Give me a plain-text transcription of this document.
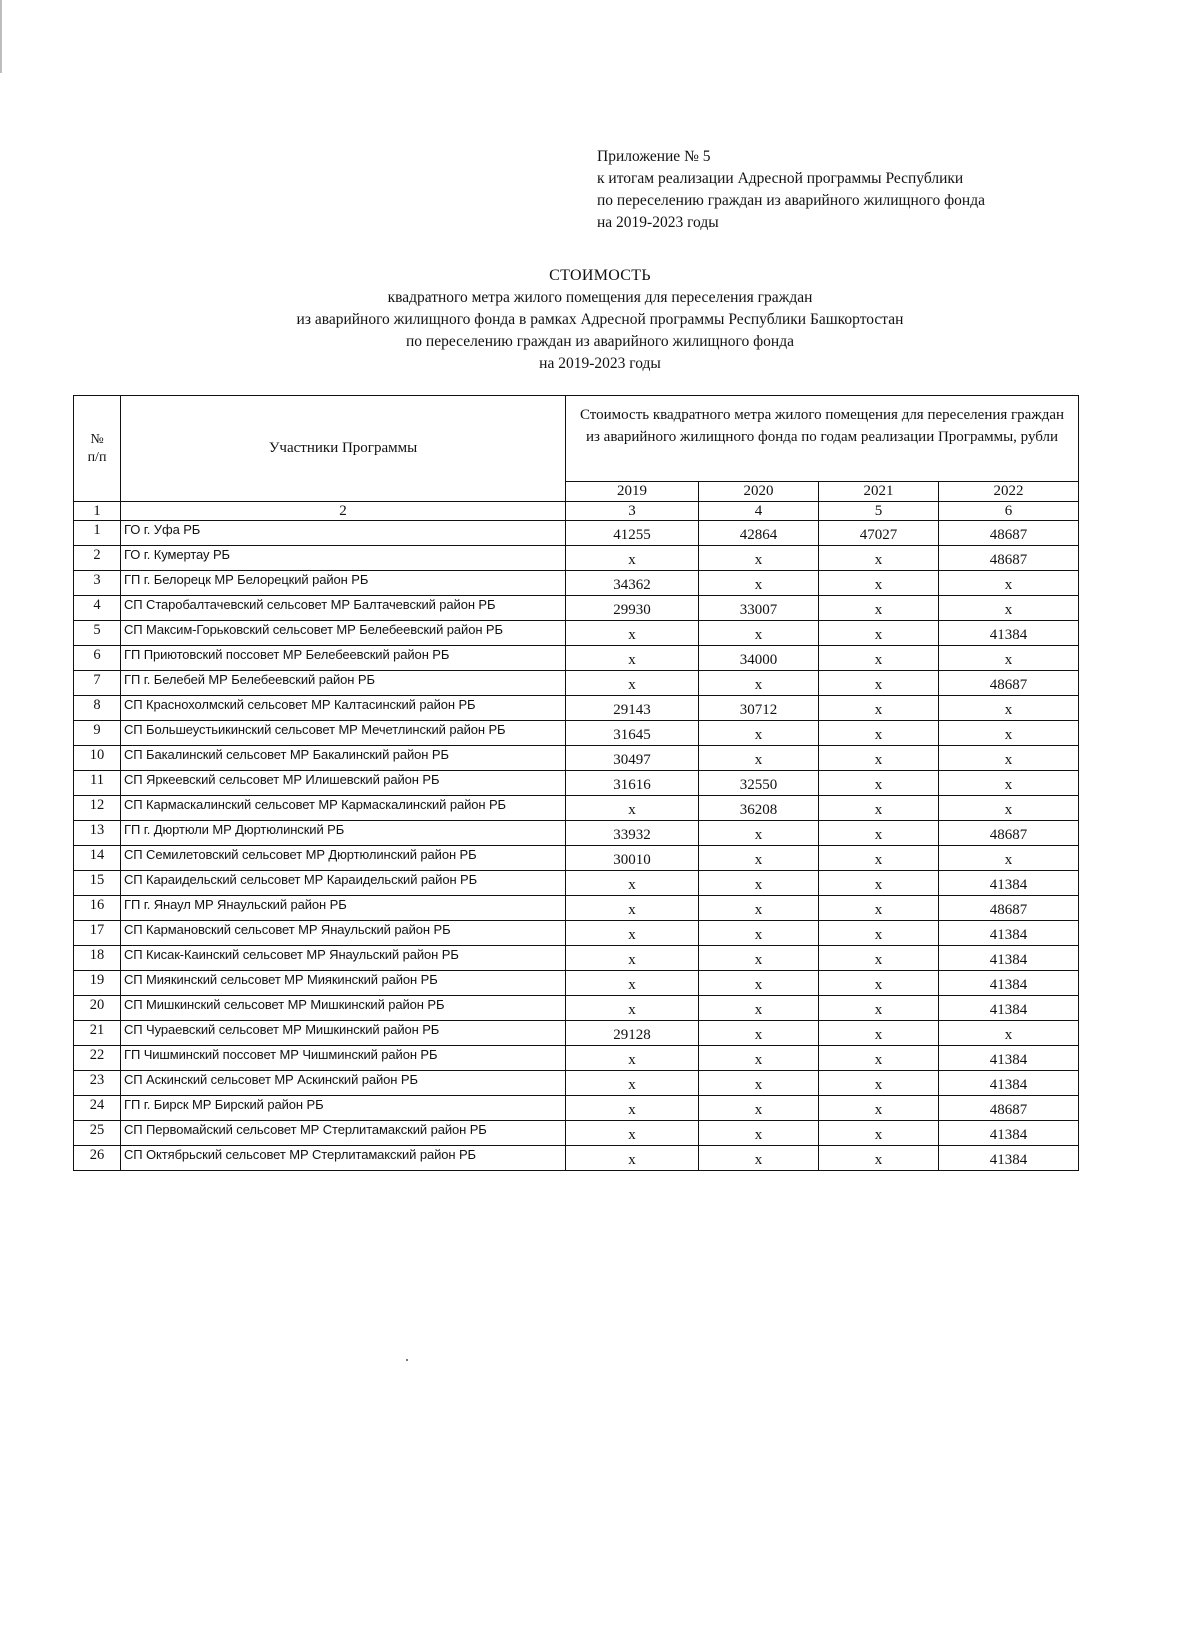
Приложение № 5
к итогам реализации Адресной программы Республики
по переселению граждан из аварийного жилищного фонда
на 2019-2023 годы
СТОИМОСТЬ
квадратного метра жилого помещения для переселения граждан
из аварийного жилищного фонда в рамках Адресной программы Республики Башкортостан
по переселению граждан из аварийного жилищного фонда
на 2019-2023 годы
№
п/п	Участники Программы	Стоимость квадратного метра жилого помещения для переселения граждан из аварийного жилищного фонда по годам реализации Программы, рубли			
		2019	2020	2021	2022
1	2	3	4	5	6
1	ГО г. Уфа РБ	41255	42864	47027	48687
2	ГО г. Кумертау РБ	x	x	x	48687
3	ГП г. Белорецк МР Белорецкий район РБ	34362	x	x	x
4	СП Старобалтачевский сельсовет МР Балтачевский район РБ	29930	33007	x	x
5	СП Максим-Горьковский сельсовет МР Белебеевский район РБ	x	x	x	41384
6	ГП Приютовский поссовет МР Белебеевский район РБ	x	34000	x	x
7	ГП г. Белебей МР Белебеевский район РБ	x	x	x	48687
8	СП Краснохолмский сельсовет МР Калтасинский район РБ	29143	30712	x	x
9	СП Большеустьикинский сельсовет МР Мечетлинский район РБ	31645	x	x	x
10	СП Бакалинский сельсовет МР Бакалинский район РБ	30497	x	x	x
11	СП Яркеевский сельсовет МР Илишевский район РБ	31616	32550	x	x
12	СП Кармаскалинский сельсовет МР Кармаскалинский район РБ	x	36208	x	x
13	ГП г. Дюртюли МР Дюртюлинский РБ	33932	x	x	48687
14	СП Семилетовский сельсовет МР Дюртюлинский район РБ	30010	x	x	x
15	СП Караидельский сельсовет МР Караидельский район РБ	x	x	x	41384
16	ГП г. Янаул МР Янаульский район РБ	x	x	x	48687
17	СП Кармановский сельсовет МР Янаульский район РБ	x	x	x	41384
18	СП Кисак-Каинский сельсовет МР Янаульский район РБ	x	x	x	41384
19	СП Миякинский сельсовет МР Миякинский район РБ	x	x	x	41384
20	СП Мишкинский сельсовет МР Мишкинский район РБ	x	x	x	41384
21	СП Чураевский сельсовет МР Мишкинский район РБ	29128	x	x	x
22	ГП Чишминский поссовет МР Чишминский район РБ	x	x	x	41384
23	СП Аскинский сельсовет МР Аскинский район РБ	x	x	x	41384
24	ГП г. Бирск МР Бирский район РБ	x	x	x	48687
25	СП Первомайский сельсовет МР Стерлитамакский район РБ	x	x	x	41384
26	СП Октябрьский сельсовет МР Стерлитамакский район РБ	x	x	x	41384
